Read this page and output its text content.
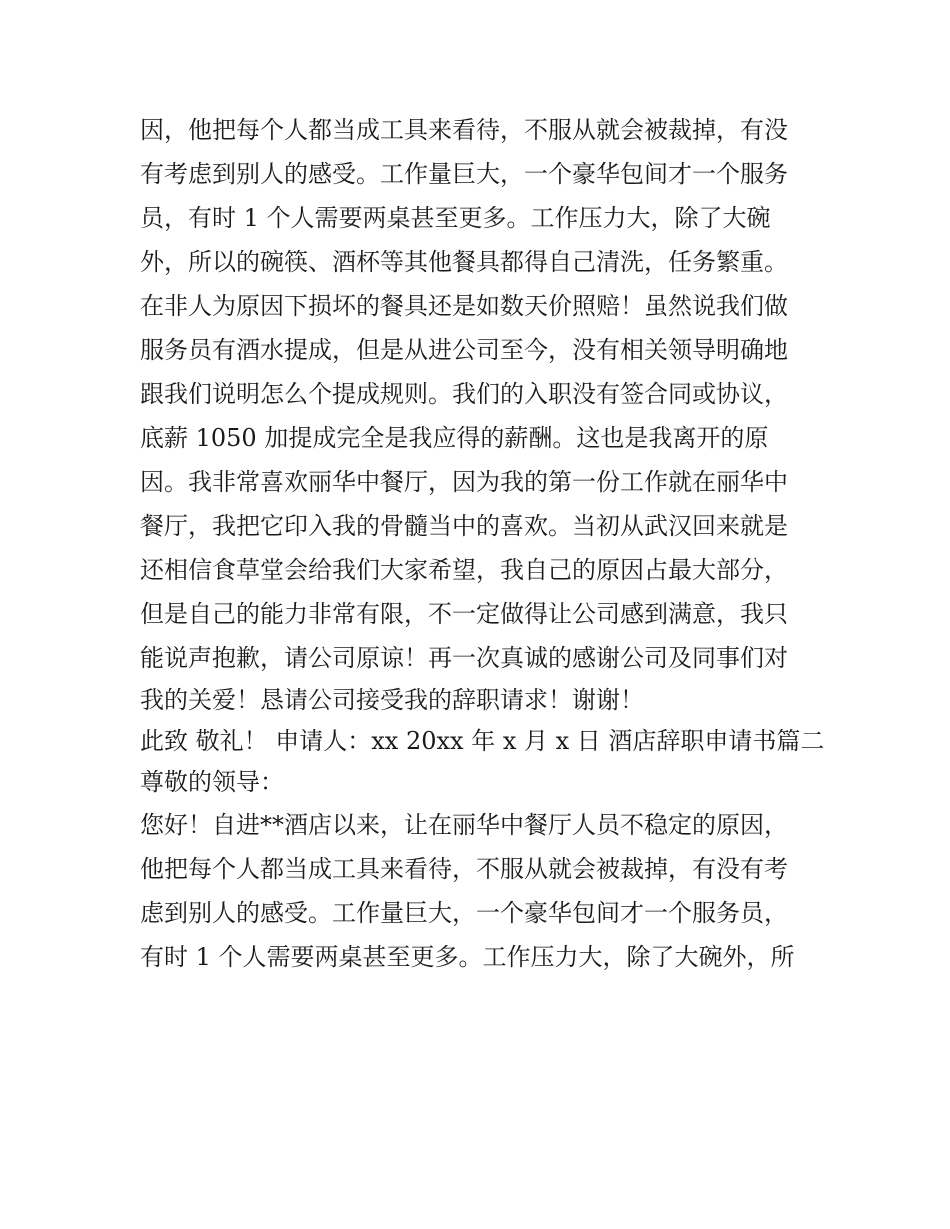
因，他把每个人都当成工具来看待，不服从就会被裁掉，有没
有考虑到别人的感受。工作量巨大，一个豪华包间才一个服务
员，有时 1 个人需要两桌甚至更多。工作压力大，除了大碗
外，所以的碗筷、酒杯等其他餐具都得自己清洗，任务繁重。
在非人为原因下损坏的餐具还是如数天价照赔！虽然说我们做
服务员有酒水提成，但是从进公司至今，没有相关领导明确地
跟我们说明怎么个提成规则。我们的入职没有签合同或协议，
底薪 1050 加提成完全是我应得的薪酬。这也是我离开的原
因。我非常喜欢丽华中餐厅，因为我的第一份工作就在丽华中
餐厅，我把它印入我的骨髓当中的喜欢。当初从武汉回来就是
还相信食草堂会给我们大家希望，我自己的原因占最大部分，
但是自己的能力非常有限，不一定做得让公司感到满意，我只
能说声抱歉，请公司原谅！再一次真诚的感谢公司及同事们对
我的关爱！恳请公司接受我的辞职请求！谢谢！
此致 敬礼！ 申请人：xx 20xx 年 x 月 x 日 酒店辞职申请书篇二
尊敬的领导：
您好！自进**酒店以来，让在丽华中餐厅人员不稳定的原因，
他把每个人都当成工具来看待，不服从就会被裁掉，有没有考
虑到别人的感受。工作量巨大，一个豪华包间才一个服务员，
有时 1 个人需要两桌甚至更多。工作压力大，除了大碗外，所
